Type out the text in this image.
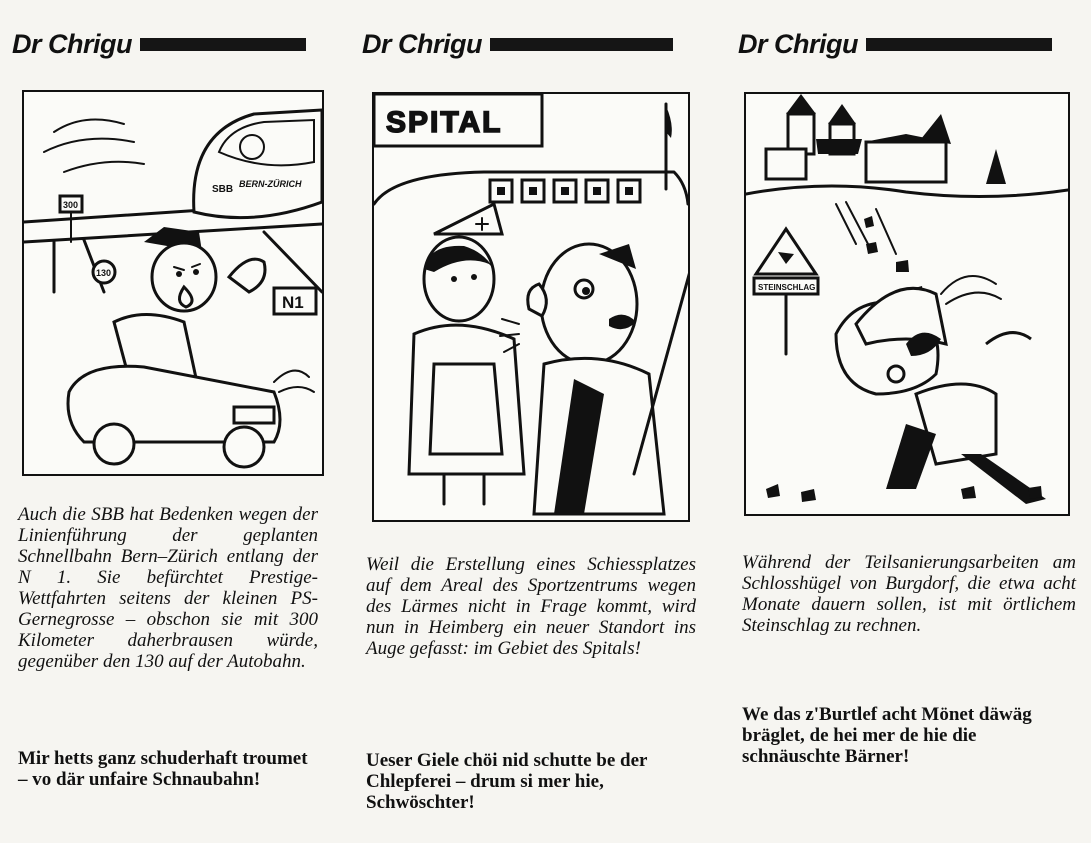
Dr Chrigu
SBB BERN-ZÜRICH
300
130
N1

Auch die SBB hat Bedenken wegen der Linienführung der geplanten Schnellbahn Bern–Zürich entlang der N 1. Sie befürchtet Prestige-Wettfahrten seitens der kleinen PS-Gernegrosse – obschon sie mit 300 Kilometer daherbrausen würde, gegenüber den 130 auf der Autobahn.

Mir hetts ganz schuderhaft troumet – vo där unfaire Schnaubahn!

Dr Chrigu
SPITAL

Weil die Erstellung eines Schiessplatzes auf dem Areal des Sportzentrums wegen des Lärmes nicht in Frage kommt, wird nun in Heimberg ein neuer Standort ins Auge gefasst: im Gebiet des Spitals!

Ueser Giele chöi nid schutte be der Chlepferei – drum si mer hie, Schwöschter!

Dr Chrigu
STEINSCHLAG

Während der Teilsanierungsarbeiten am Schlosshügel von Burgdorf, die etwa acht Monate dauern sollen, ist mit örtlichem Steinschlag zu rechnen.

We das z'Burtlef acht Mönet däwäg bräglet, de hei mer de hie die schnäuschte Bärner!
